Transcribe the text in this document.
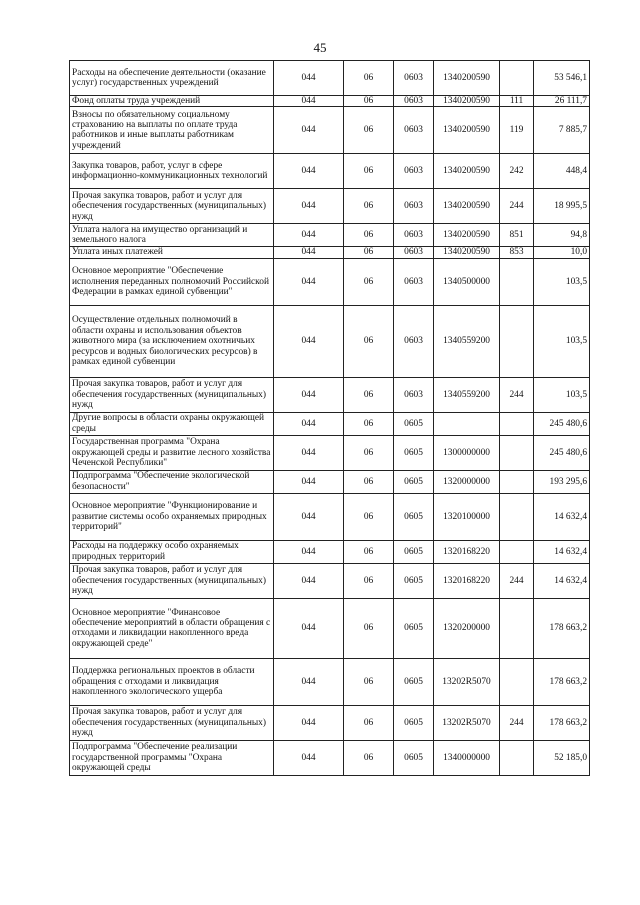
45
Расходы на обеспечение деятельности (оказание услуг) государственных учреждений	044	06	0603	1340200590		53 546,1
Фонд оплаты труда учреждений	044	06	0603	1340200590	111	26 111,7
Взносы по обязательному социальному страхованию на выплаты по оплате труда работников и иные выплаты работникам учреждений	044	06	0603	1340200590	119	7 885,7
Закупка товаров, работ, услуг в сфере информационно-коммуникационных технологий	044	06	0603	1340200590	242	448,4
Прочая закупка товаров, работ и услуг для обеспечения государственных (муниципальных) нужд	044	06	0603	1340200590	244	18 995,5
Уплата налога на имущество организаций и земельного налога	044	06	0603	1340200590	851	94,8
Уплата иных платежей	044	06	0603	1340200590	853	10,0
Основное мероприятие "Обеспечение исполнения переданных полномочий Российской Федерации в рамках единой субвенции"	044	06	0603	1340500000		103,5
Осуществление отдельных полномочий в области охраны и использования объектов животного мира (за исключением охотничьих ресурсов и водных биологических ресурсов) в рамках единой субвенции	044	06	0603	1340559200		103,5
Прочая закупка товаров, работ и услуг для обеспечения государственных (муниципальных) нужд	044	06	0603	1340559200	244	103,5
Другие вопросы в области охраны окружающей среды	044	06	0605			245 480,6
Государственная программа "Охрана окружающей среды и развитие лесного хозяйства Чеченской Республики"	044	06	0605	1300000000		245 480,6
Подпрограмма "Обеспечение экологической безопасности"	044	06	0605	1320000000		193 295,6
Основное мероприятие "Функционирование и развитие системы особо охраняемых природных территорий"	044	06	0605	1320100000		14 632,4
Расходы на поддержку особо охраняемых природных территорий	044	06	0605	1320168220		14 632,4
Прочая закупка товаров, работ и услуг для обеспечения государственных (муниципальных) нужд	044	06	0605	1320168220	244	14 632,4
Основное мероприятие "Финансовое обеспечение мероприятий в области обращения с отходами и ликвидации накопленного вреда окружающей среде"	044	06	0605	1320200000		178 663,2
Поддержка региональных проектов в области обращения с отходами и ликвидация накопленного экологического ущерба	044	06	0605	13202R5070		178 663,2
Прочая закупка товаров, работ и услуг для обеспечения государственных (муниципальных) нужд	044	06	0605	13202R5070	244	178 663,2
Подпрограмма "Обеспечение реализации государственной программы "Охрана окружающей среды	044	06	0605	1340000000		52 185,0
